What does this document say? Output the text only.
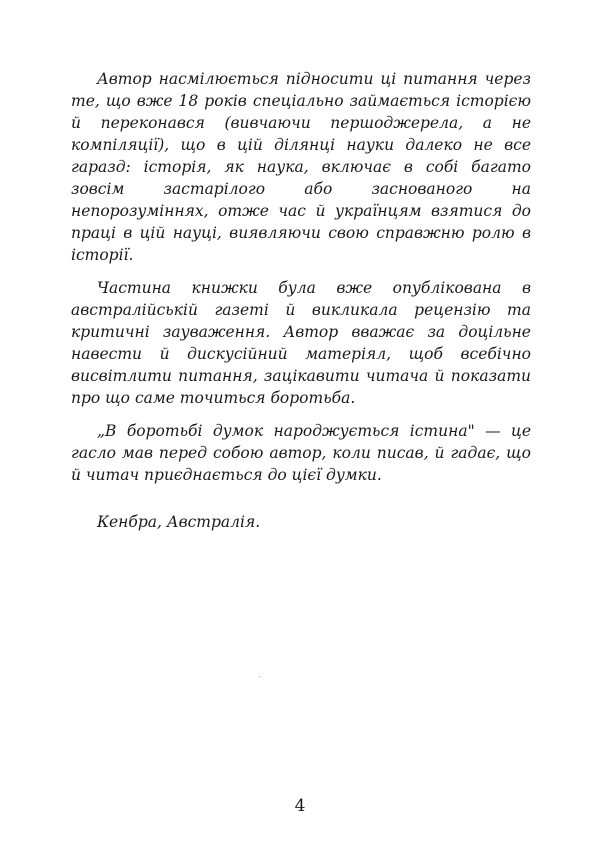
Автор насмілюється підносити ці питання через те, що вже 18 років спеціально займається історією й переконався (вивчаючи першоджерела, а не компіляції), що в цій ділянці науки далеко не все гаразд: історія, як наука, включає в собі багато зовсім застарілого або заснованого на непорозуміннях, отже час й українцям взятися до праці в цій науці, виявляючи свою справжню ролю в історії.

Частина книжки була вже опублікована в австралійській газеті й викликала рецензію та критичні зауваження. Автор вважає за доцільне навести й дискусійний матеріял, щоб всебічно висвітлити питання, зацікавити читача й показати про що саме точиться боротьба.

„В боротьбі думок народжується істина" — це гасло мав перед собою автор, коли писав, й гадає, що й читач приєднається до цієї думки.

Кенбра, Австралія.

4
